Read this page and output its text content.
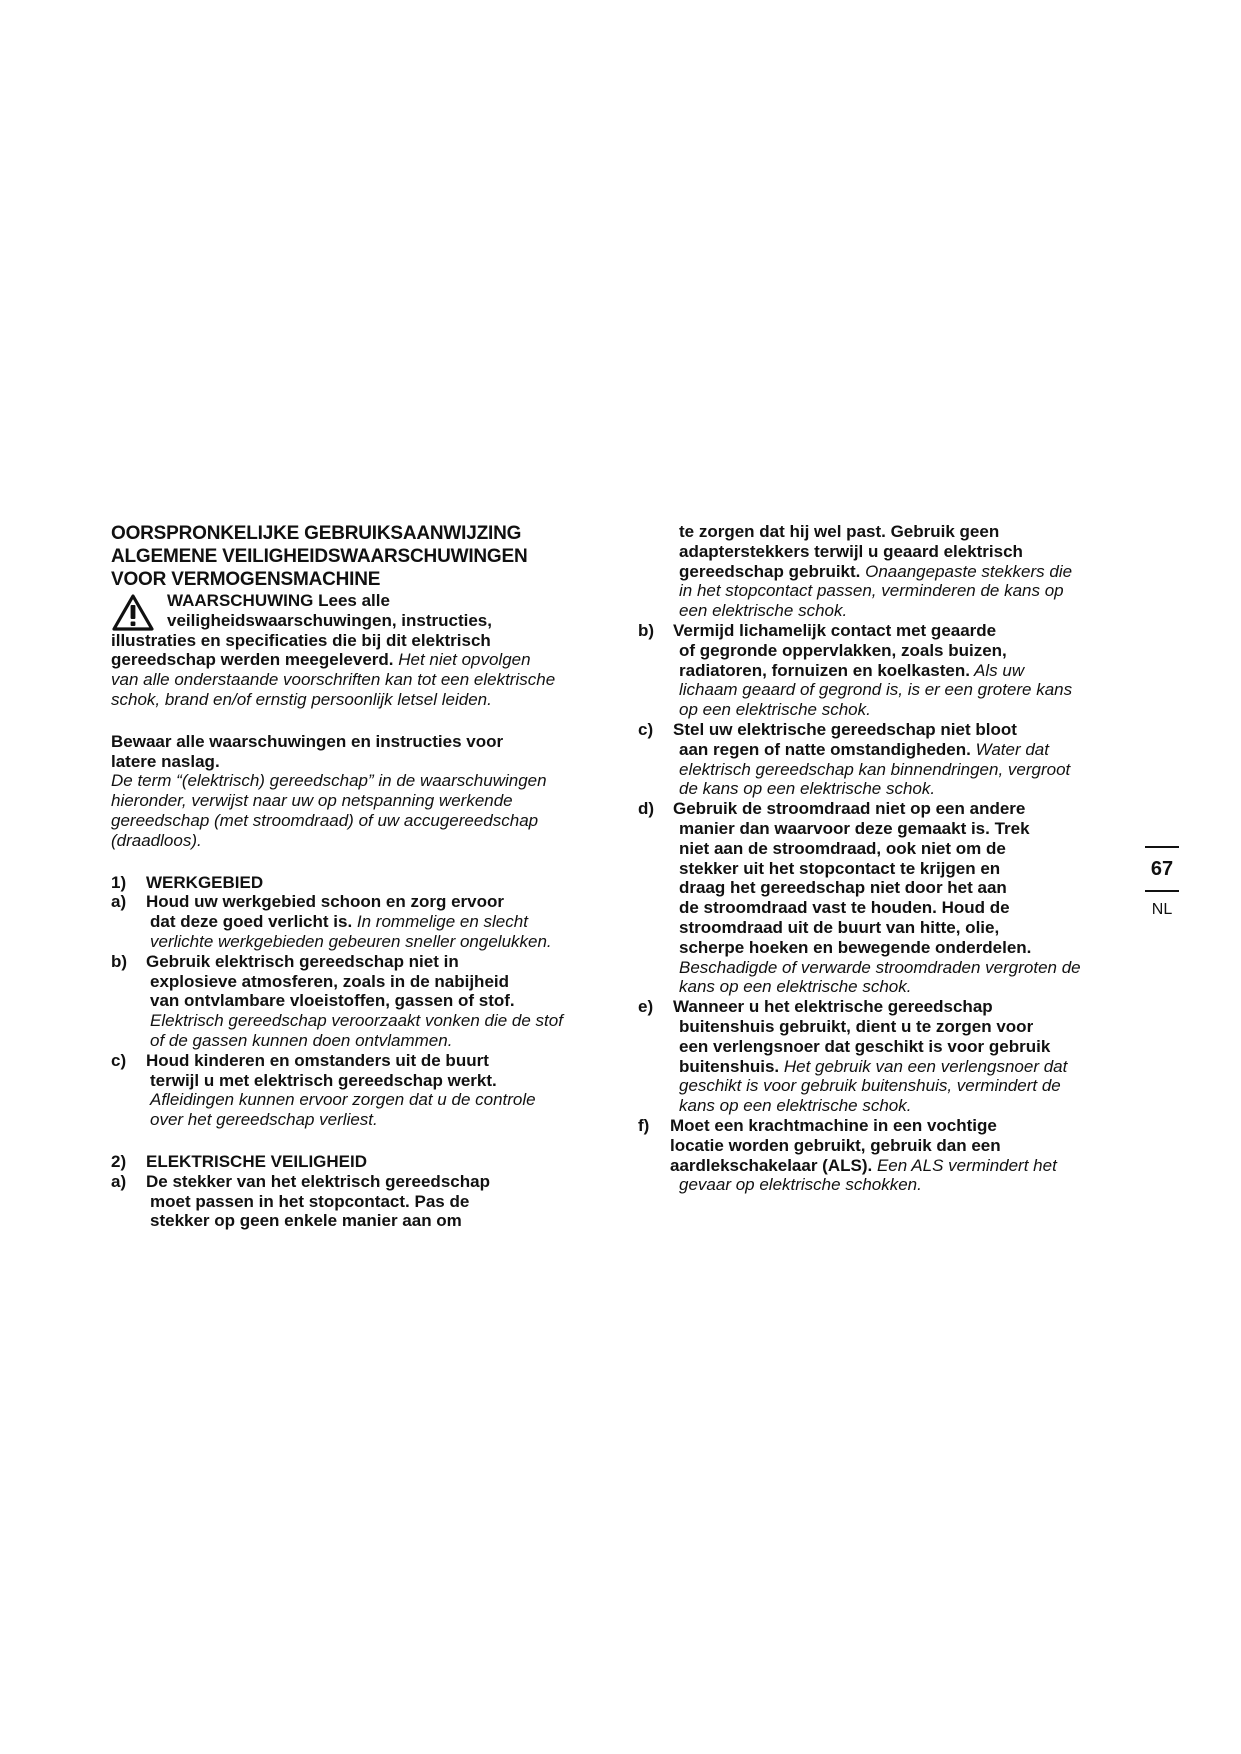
OORSPRONKELIJKE GEBRUIKSAANWIJZING
ALGEMENE VEILIGHEIDSWAARSCHUWINGEN
VOOR VERMOGENSMACHINE
WAARSCHUWING Lees alle
veiligheidswaarschuwingen, instructies,
illustraties en specificaties die bij dit elektrisch
gereedschap werden meegeleverd. Het niet opvolgen
van alle onderstaande voorschriften kan tot een elektrische
schok, brand en/of ernstig persoonlijk letsel leiden.
Bewaar alle waarschuwingen en instructies voor
latere naslag.
De term “(elektrisch) gereedschap” in de waarschuwingen
hieronder, verwijst naar uw op netspanning werkende
gereedschap (met stroomdraad) of uw accugereedschap
(draadloos).
1) WERKGEBIED
a) Houd uw werkgebied schoon en zorg ervoor
dat deze goed verlicht is. In rommelige en slecht
verlichte werkgebieden gebeuren sneller ongelukken.
b) Gebruik elektrisch gereedschap niet in
explosieve atmosferen, zoals in de nabijheid
van ontvlambare vloeistoffen, gassen of stof.
Elektrisch gereedschap veroorzaakt vonken die de stof
of de gassen kunnen doen ontvlammen.
c) Houd kinderen en omstanders uit de buurt
terwijl u met elektrisch gereedschap werkt.
Afleidingen kunnen ervoor zorgen dat u de controle
over het gereedschap verliest.
2) ELEKTRISCHE VEILIGHEID
a) De stekker van het elektrisch gereedschap
moet passen in het stopcontact. Pas de
stekker op geen enkele manier aan om
te zorgen dat hij wel past. Gebruik geen
adapterstekkers terwijl u geaard elektrisch
gereedschap gebruikt. Onaangepaste stekkers die
in het stopcontact passen, verminderen de kans op
een elektrische schok.
b) Vermijd lichamelijk contact met geaarde
of gegronde oppervlakken, zoals buizen,
radiatoren, fornuizen en koelkasten. Als uw
lichaam geaard of gegrond is, is er een grotere kans
op een elektrische schok.
c) Stel uw elektrische gereedschap niet bloot
aan regen of natte omstandigheden. Water dat
elektrisch gereedschap kan binnendringen, vergroot
de kans op een elektrische schok.
d) Gebruik de stroomdraad niet op een andere
manier dan waarvoor deze gemaakt is. Trek
niet aan de stroomdraad, ook niet om de
stekker uit het stopcontact te krijgen en
draag het gereedschap niet door het aan
de stroomdraad vast te houden. Houd de
stroomdraad uit de buurt van hitte, olie,
scherpe hoeken en bewegende onderdelen.
Beschadigde of verwarde stroomdraden vergroten de
kans op een elektrische schok.
e) Wanneer u het elektrische gereedschap
buitenshuis gebruikt, dient u te zorgen voor
een verlengsnoer dat geschikt is voor gebruik
buitenshuis. Het gebruik van een verlengsnoer dat
geschikt is voor gebruik buitenshuis, vermindert de
kans op een elektrische schok.
f) Moet een krachtmachine in een vochtige
locatie worden gebruikt, gebruik dan een
aardlekschakelaar (ALS). Een ALS vermindert het
gevaar op elektrische schokken.
67
NL
